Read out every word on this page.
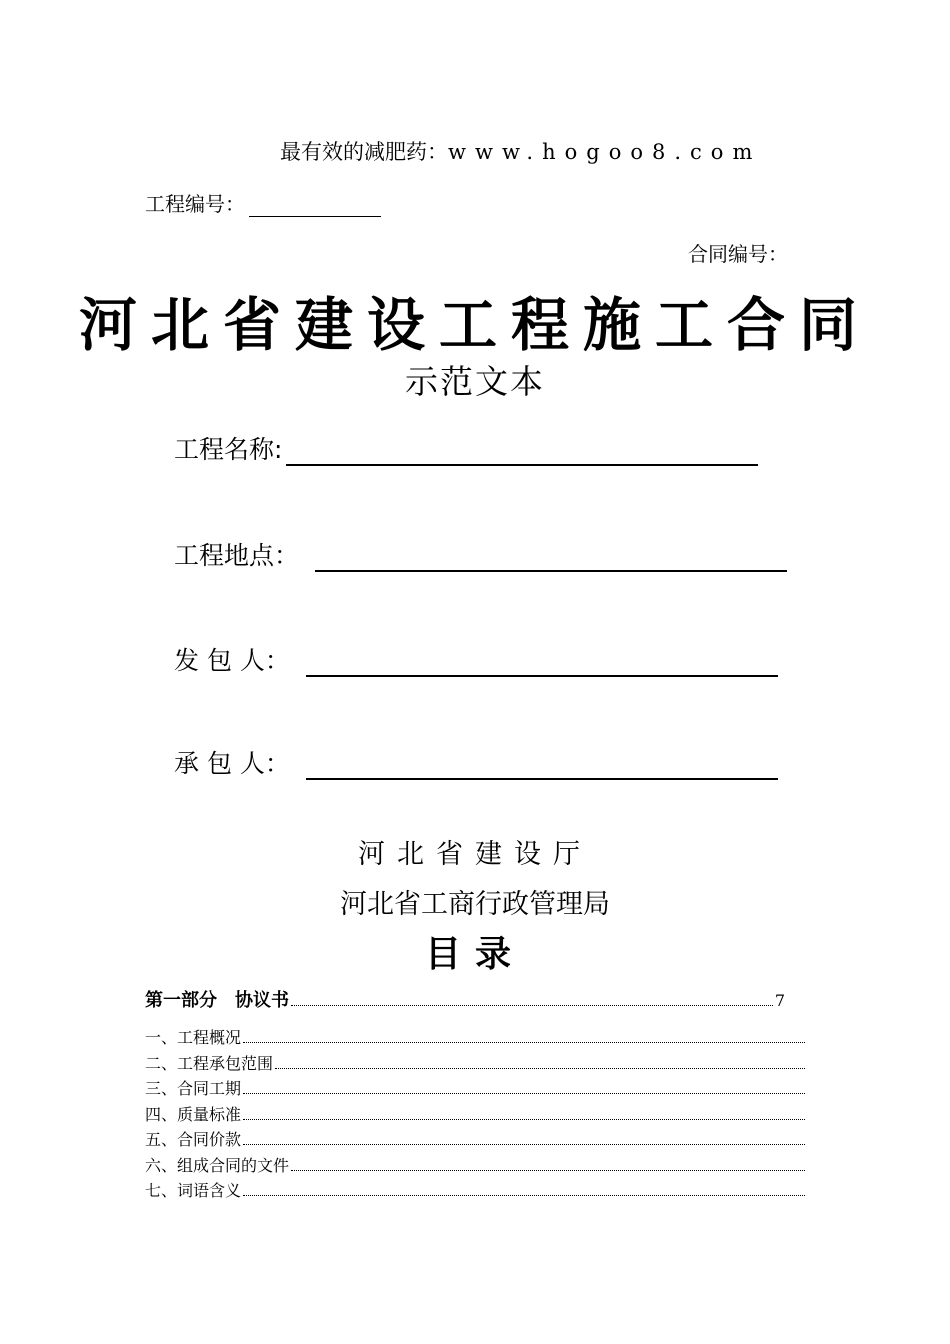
最有效的减肥药：www.hogoo8.com
工程编号：
合同编号：
河北省建设工程施工合同
示范文本
工程名称:
工程地点：
发 包 人：
承 包 人：
河北省建设厅
河北省工商行政管理局
目录
第一部分　协议书	7
一、工程概况
二、工程承包范围
三、合同工期
四、质量标准
五、合同价款
六、组成合同的文件
七、词语含义
